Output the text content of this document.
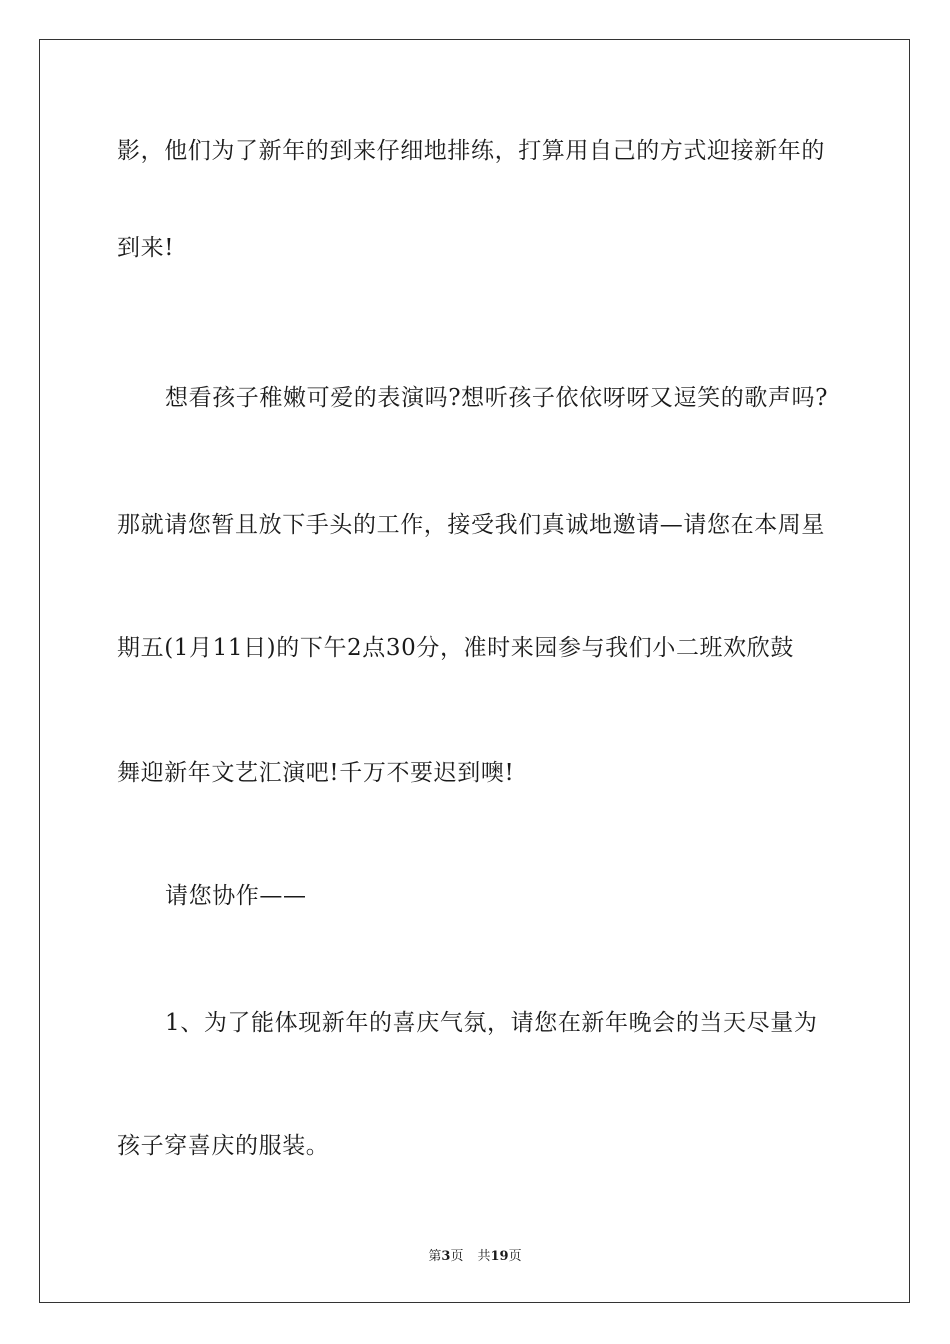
影，他们为了新年的到来仔细地排练，打算用自己的方式迎接新年的
到来!
想看孩子稚嫩可爱的表演吗?想听孩子依依呀呀又逗笑的歌声吗?
那就请您暂且放下手头的工作，接受我们真诚地邀请—请您在本周星
期五(1月11日)的下午2点30分，准时来园参与我们小二班欢欣鼓
舞迎新年文艺汇演吧!千万不要迟到噢!
请您协作——
1、为了能体现新年的喜庆气氛，请您在新年晚会的当天尽量为
孩子穿喜庆的服装。
第3页 共19页
